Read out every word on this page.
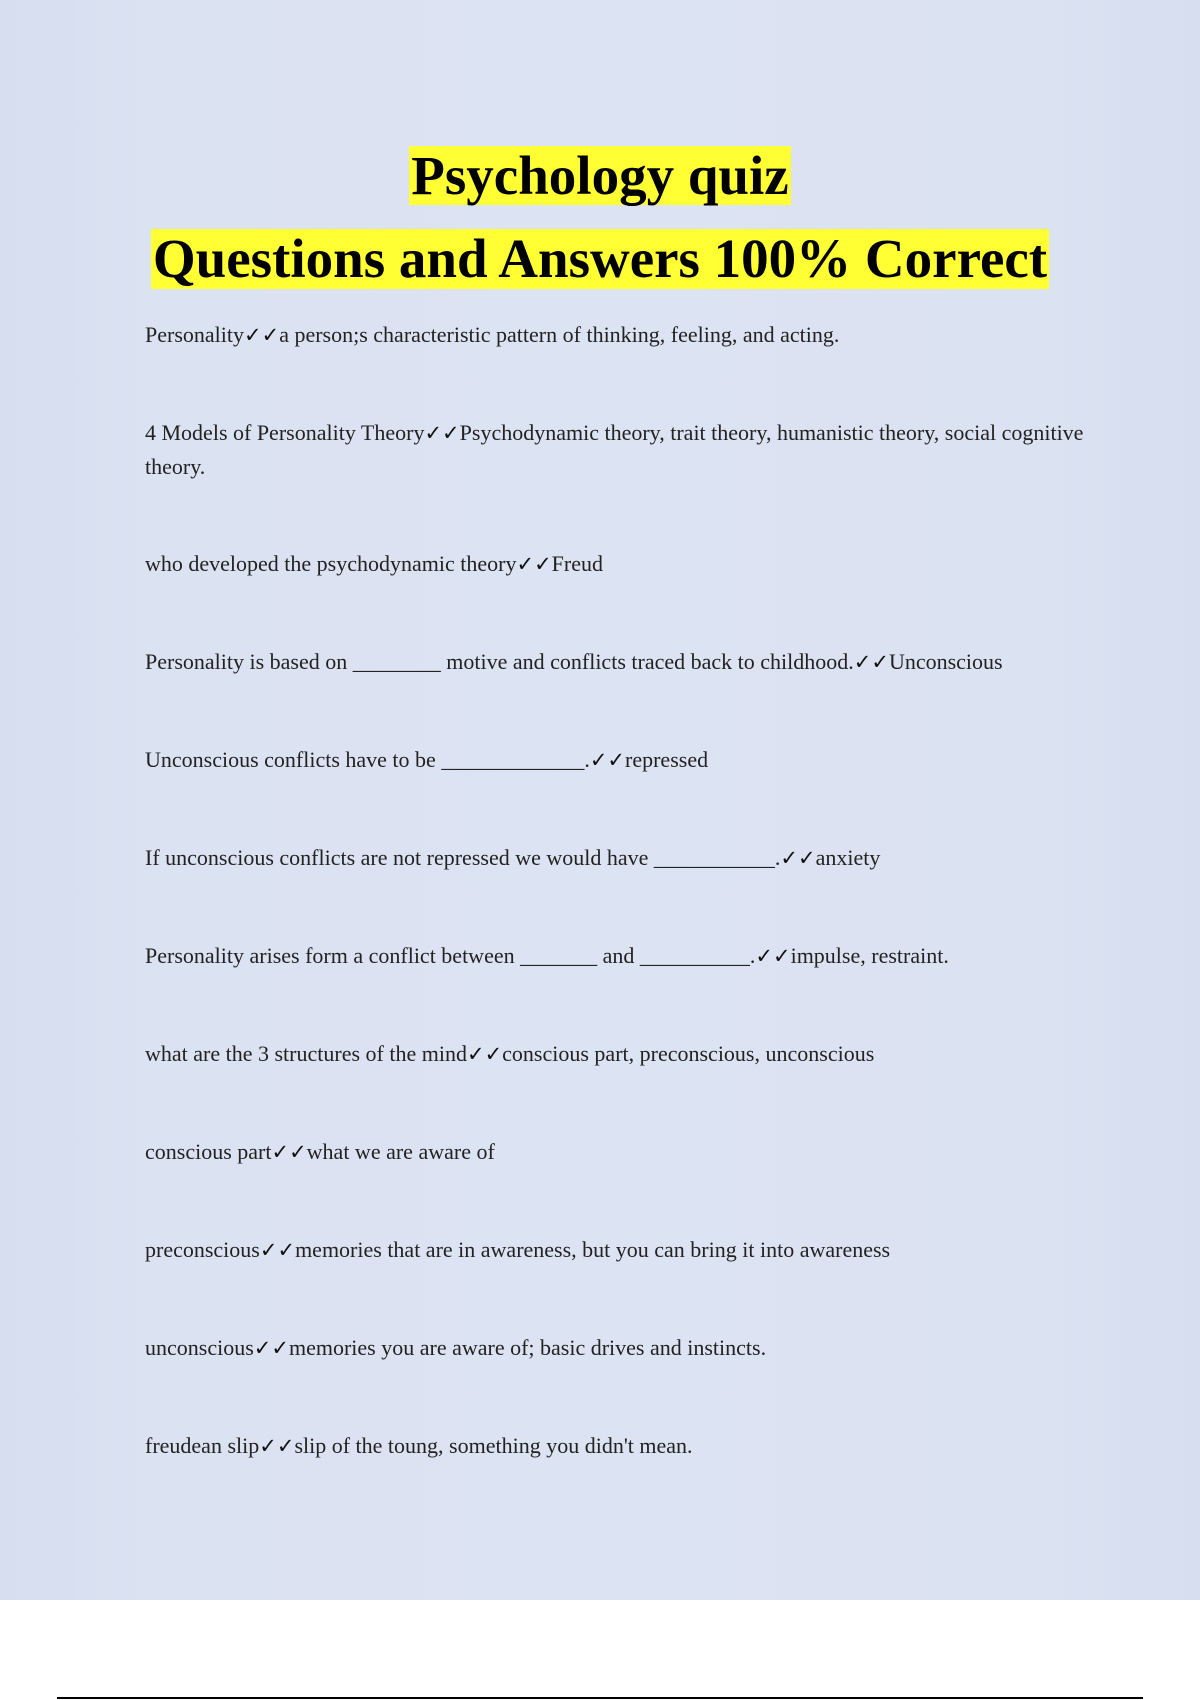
Psychology quiz
Questions and Answers 100% Correct
Personality✓✓a person;s characteristic pattern of thinking, feeling, and acting.
4 Models of Personality Theory✓✓Psychodynamic theory, trait theory, humanistic theory, social cognitive theory.
who developed the psychodynamic theory✓✓Freud
Personality is based on ________ motive and conflicts traced back to childhood.✓✓Unconscious
Unconscious conflicts have to be _____________.✓✓repressed
If unconscious conflicts are not repressed we would have ___________.✓✓anxiety
Personality arises form a conflict between _______ and __________.✓✓impulse, restraint.
what are the 3 structures of the mind✓✓conscious part, preconscious, unconscious
conscious part✓✓what we are aware of
preconscious✓✓memories that are in awareness, but you can bring it into awareness
unconscious✓✓memories you are aware of; basic drives and instincts.
freudean slip✓✓slip of the toung, something you didn't mean.
